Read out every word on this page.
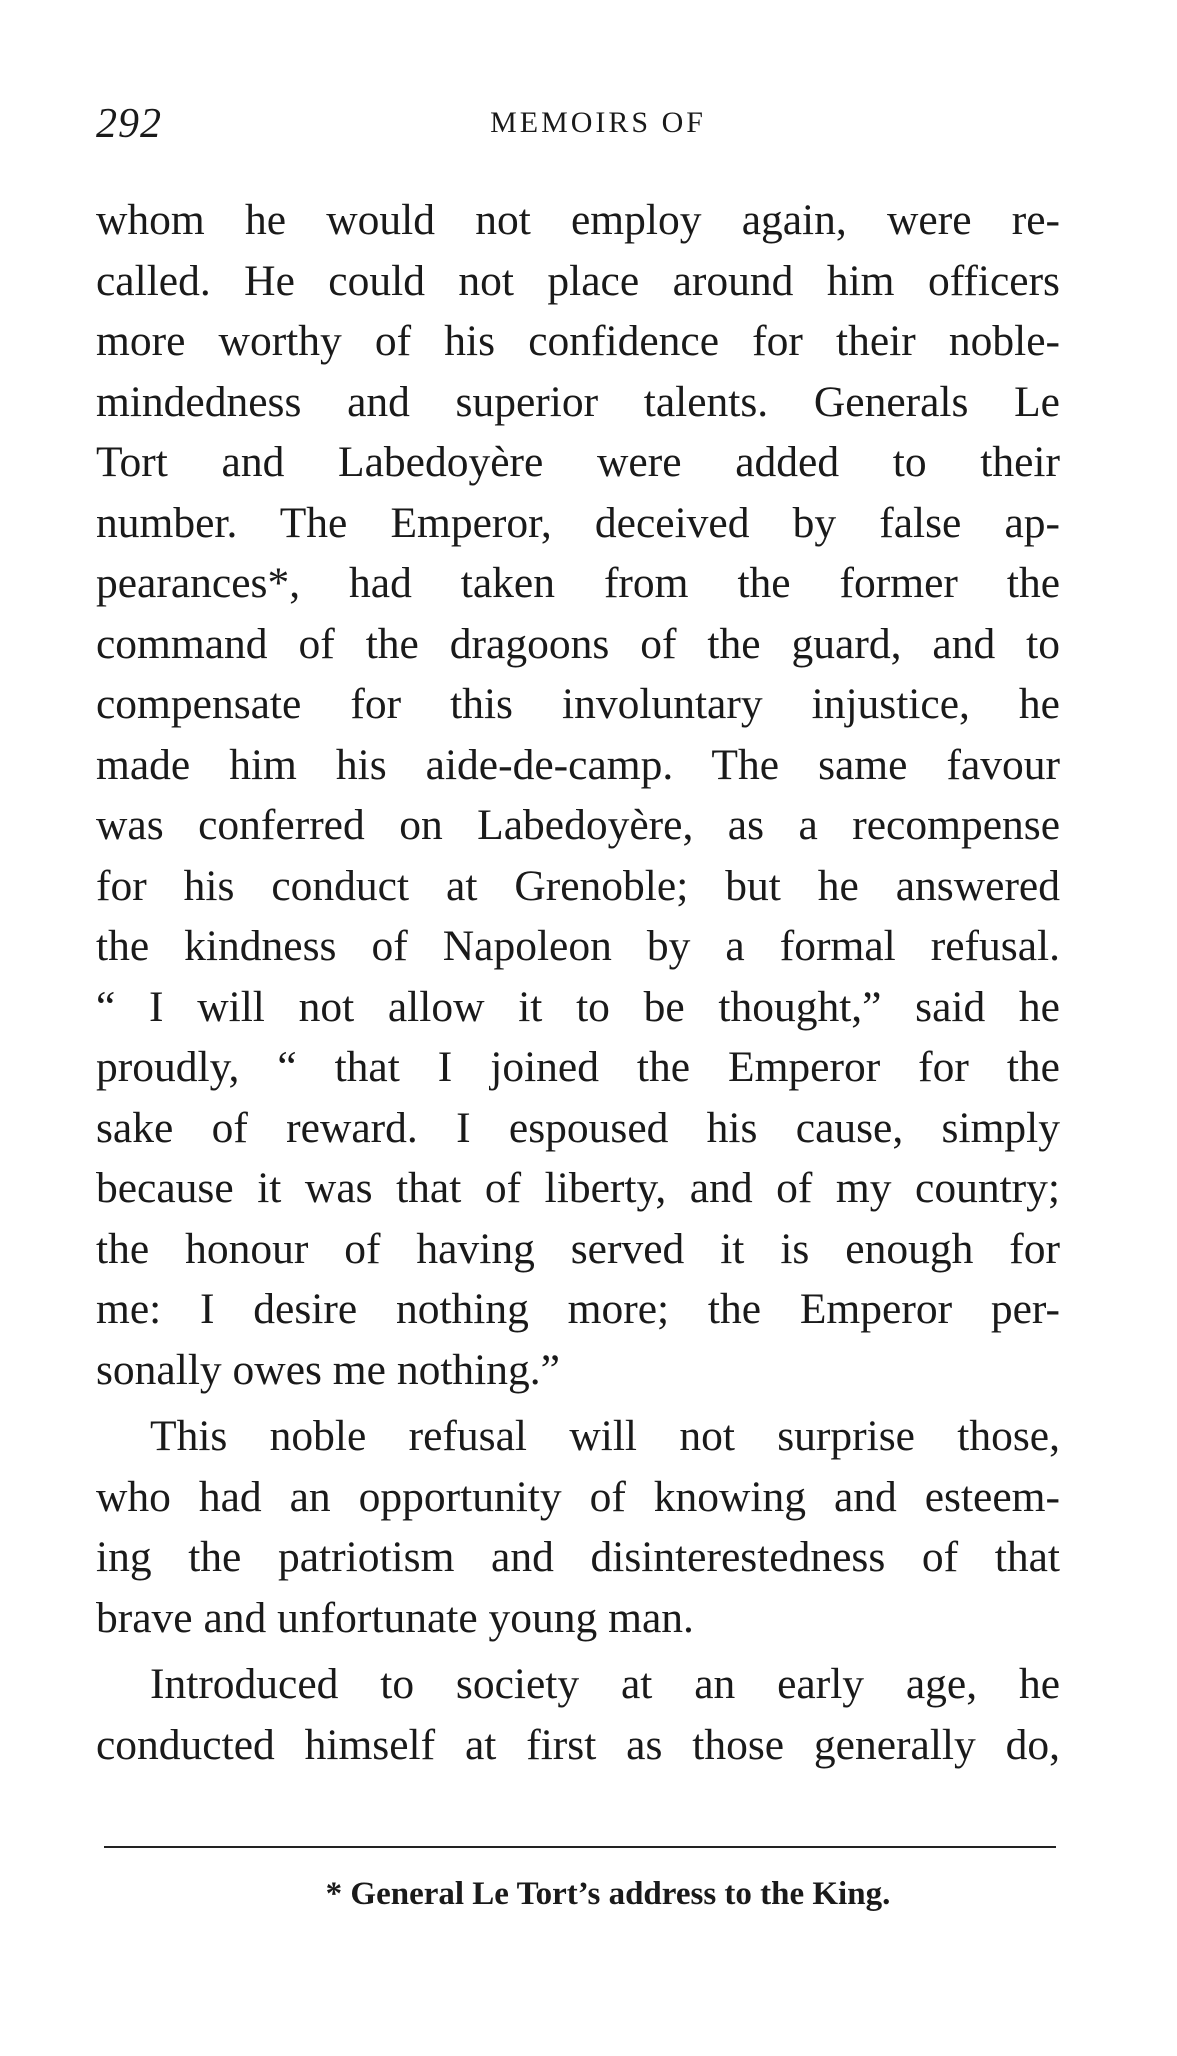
292	MEMOIRS OF
whom he would not employ again, were re-
called. He could not place around him officers
more worthy of his confidence for their noble-
mindedness and superior talents. Generals Le
Tort and Labedoyère were added to their
number. The Emperor, deceived by false ap-
pearances*, had taken from the former the
command of the dragoons of the guard, and to
compensate for this involuntary injustice, he
made him his aide-de-camp. The same favour
was conferred on Labedoyère, as a recompense
for his conduct at Grenoble; but he answered
the kindness of Napoleon by a formal refusal.
“ I will not allow it to be thought,” said he
proudly, “ that I joined the Emperor for the
sake of reward. I espoused his cause, simply
because it was that of liberty, and of my country;
the honour of having served it is enough for
me: I desire nothing more; the Emperor per-
sonally owes me nothing.”
This noble refusal will not surprise those,
who had an opportunity of knowing and esteem-
ing the patriotism and disinterestedness of that
brave and unfortunate young man.
Introduced to society at an early age, he
conducted himself at first as those generally do,
* General Le Tort’s address to the King.
